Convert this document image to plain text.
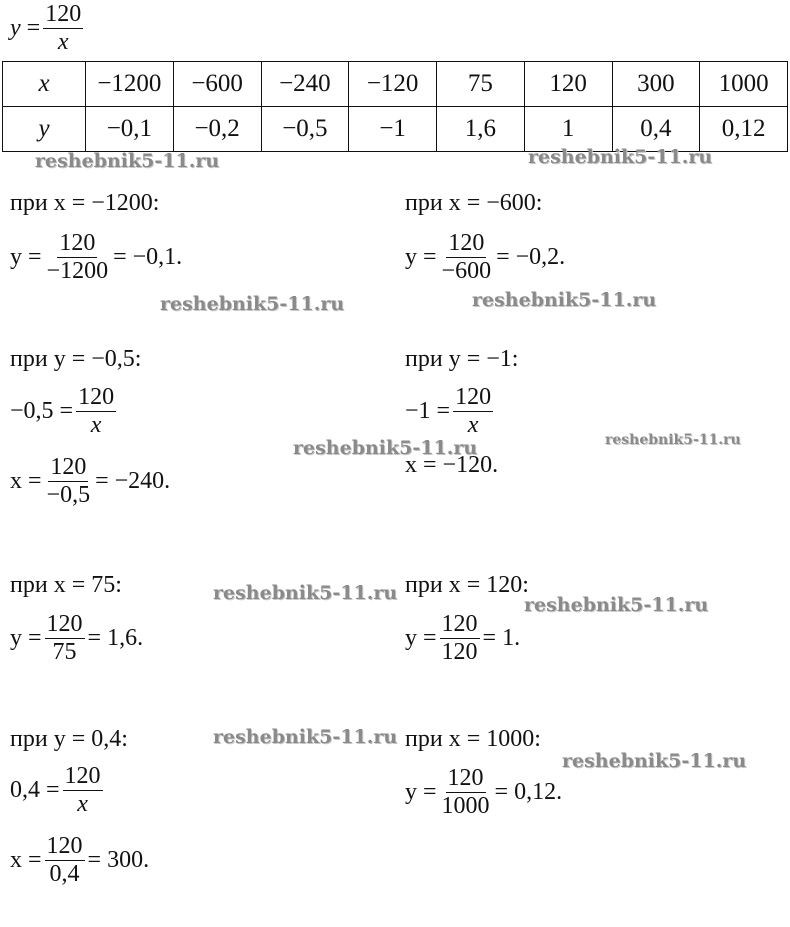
$y = \frac{120}{x}$
x	−1200	−600	−240	−120	75	120	300	1000
y	−0,1	−0,2	−0,5	−1	1,6	1	0,4	0,12
при x = −1200:
$y = \frac{120}{-1200} = -0,1$.
при x = −600:
$y = \frac{120}{-600} = -0,2$.
при y = −0,5:
$-0,5 = \frac{120}{x}$
$x = \frac{120}{-0,5} = -240$.
при y = −1:
$-1 = \frac{120}{x}$
x = −120.
при x = 75:
$y = \frac{120}{75} = 1,6$.
при x = 120:
$y = \frac{120}{120} = 1$.
при y = 0,4:
$0,4 = \frac{120}{x}$
$x = \frac{120}{0,4} = 300$.
при x = 1000:
$y = \frac{120}{1000} = 0,12$.
reshebnik5-11.ru	reshebnik5-11.ru
reshebnik5-11.ru	reshebnik5-11.ru
reshebnik5-11.ru	reshebnik5-11.ru
reshebnik5-11.ru
reshebnik5-11.ru
reshebnik5-11.ru
reshebnik5-11.ru
